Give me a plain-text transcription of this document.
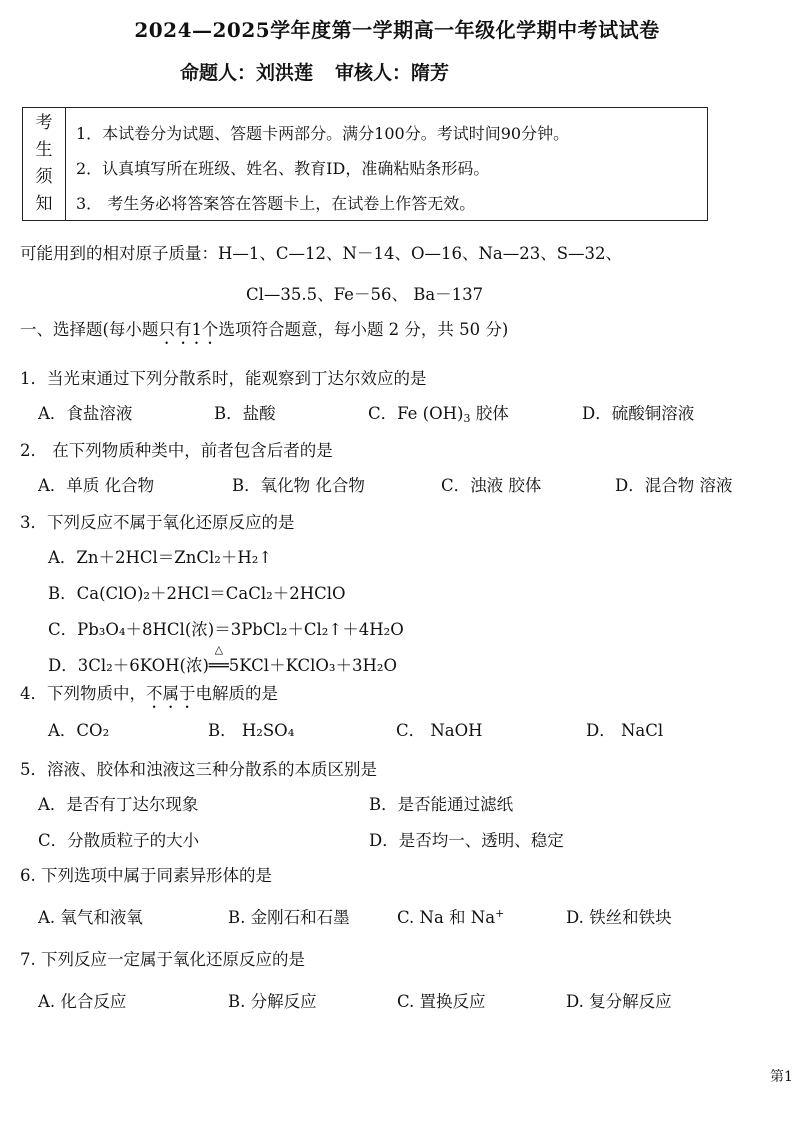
2024—2025学年度第一学期高一年级化学期中考试试卷
命题人：刘洪莲 审核人：隋芳
考
生
须
知
1．本试卷分为试题、答题卡两部分。满分100分。考试时间90分钟。
2．认真填写所在班级、姓名、教育ID，准确粘贴条形码。
3． 考生务必将答案答在答题卡上，在试卷上作答无效。
可能用到的相对原子质量：H—1、C—12、N－14、O—16、Na—23、S—32、
Cl—35.5、Fe－56、 Ba－137
一、选择题(每小题只有1个选项符合题意，每小题 2 分，共 50 分)
1．当光束通过下列分散系时，能观察到丁达尔效应的是
A．食盐溶液	B．盐酸	C．Fe $(OH)_3$ 胶体	D．硫酸铜溶液
2． 在下列物质种类中，前者包含后者的是
A．单质 化合物	B．氧化物 化合物	C．浊液 胶体	D．混合物 溶液
3．下列反应不属于氧化还原反应的是
A．Zn＋2HCl＝ZnCl₂＋H₂↑
B．Ca(ClO)₂＋2HCl＝CaCl₂＋2HClO
C．Pb₃O₄＋8HCl(浓)＝3PbCl₂＋Cl₂↑＋4H₂O
D．3Cl₂＋6KOH(浓)
△
══5KCl＋KClO₃＋3H₂O
4．下列物质中，不属于电解质的是
A．CO₂	B． H₂SO₄	C． NaOH	D． NaCl
5．溶液、胶体和浊液这三种分散系的本质区别是
A．是否有丁达尔现象	B．是否能通过滤纸
C．分散质粒子的大小	D．是否均一、透明、稳定
6. 下列选项中属于同素异形体的是
A. 氧气和液氧	B. 金刚石和石墨	C. Na 和 Na+	D. 铁丝和铁块
7. 下列反应一定属于氧化还原反应的是
A. 化合反应	B. 分解反应	C. 置换反应	D. 复分解反应
第1
